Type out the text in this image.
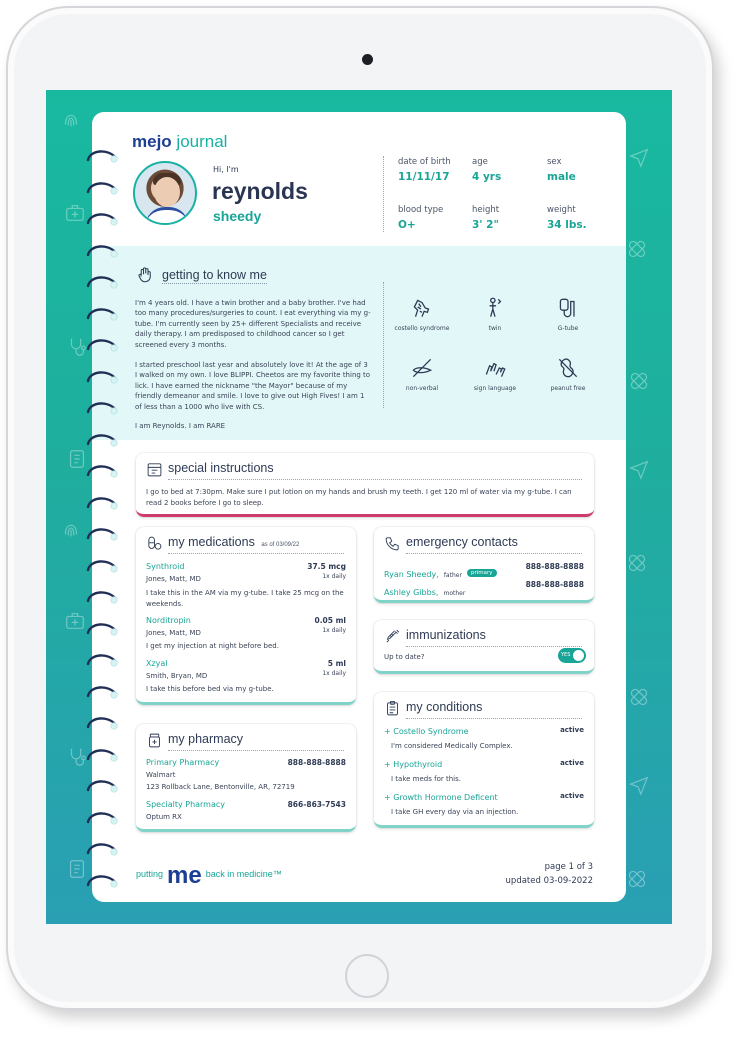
mejo journal
Hi, I'm
reynolds
sheedy
date of birth
11/11/17
age
4 yrs
sex
male
blood type
O+
height
3' 2"
weight
34 lbs.
getting to know me
I'm 4 years old. I have a twin brother and a baby brother. I've had too many procedures/surgeries to count. I eat everything via my g-tube. I'm currently seen by 25+ different Specialists and receive daily therapy. I am predisposed to childhood cancer so I get screened every 3 months.
I started preschool last year and absolutely love it! At the age of 3 I walked on my own. I love BLIPPI. Cheetos are my favorite thing to lick. I have earned the nickname "the Mayor" because of my friendly demeanor and smile. I love to give out High Fives! I am 1 of less than a 1000 who live with CS.
I am Reynolds. I am RARE
costello syndrome	twin	G-tube
non-verbal	sign language	peanut free
special instructions
I go to bed at 7:30pm. Make sure I put lotion on my hands and brush my teeth. I get 120 ml of water via my g-tube. I can read 2 books before I go to sleep.
my medications as of 03/09/22
Synthroid	37.5 mcg
Jones, Matt, MD	1x daily
I take this in the AM via my g-tube. I take 25 mcg on the weekends.
Norditropin	0.05 ml
Jones, Matt, MD	1x daily
I get my injection at night before bed.
Xzyal	5 ml
Smith, Bryan, MD	1x daily
I take this before bed via my g-tube.
my pharmacy
Primary Pharmacy	888-888-8888
Walmart
123 Rollback Lane, Bentonville, AR, 72719
Specialty Pharmacy	866-863-7543
Optum RX
emergency contacts
Ryan Sheedy, father primary
888-888-8888
Ashley Gibbs, mother
888-888-8888
immunizations
Up to date?	YES
my conditions
+ Costello Syndrome	active
I'm considered Medically Complex.
+ Hypothyroid	active
I take meds for this.
+ Growth Hormone Deficent	active
I take GH every day via an injection.
putting me back in medicine™
page 1 of 3
updated 03-09-2022
